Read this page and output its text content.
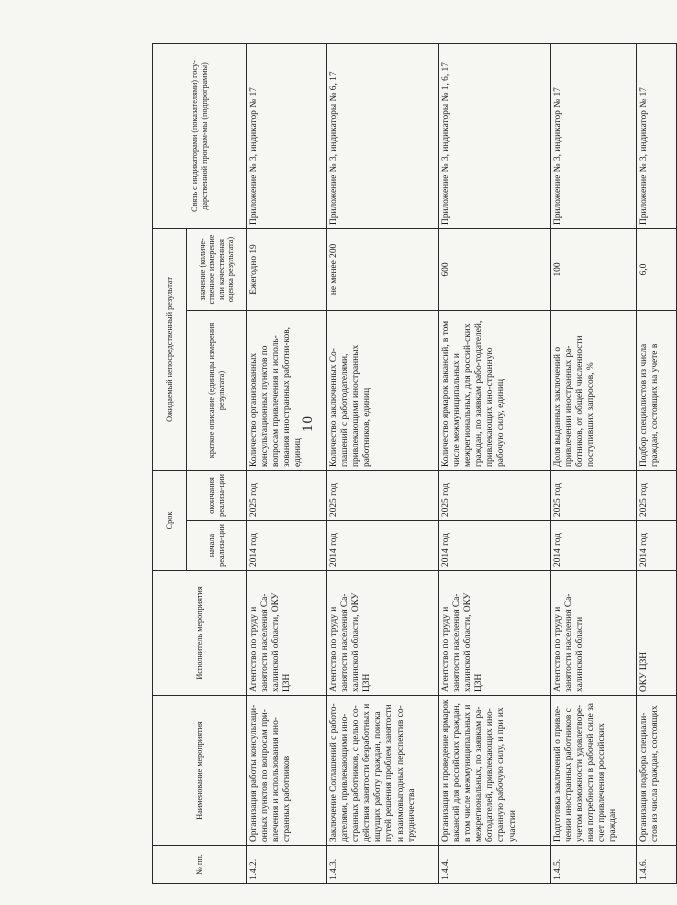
10
№ пп.	Наименование мероприятия	Исполнитель мероприятия	Срок		Ожидаемый непосредственный результат		Связь с индикаторами (показателями) госу-дарственной програм-мы (подпрограммы)
			начала реализа-ции	окончания реализа-ции	краткое описание (единицы измерения результата)	значение (количе-ственное измерение или качественная оценка результата)	
1.4.2.	Организация работы консультаци-онных пунктов по вопросам при-влечения и использования ино-странных работников	Агентство по труду и занятости населения Са-халинской области, ОКУ ЦЗН	2014 год	2025 год	Количество организованных консультационных пунктов по вопросам привлечения и исполь-зования иностранных работни-ков, единиц	Ежегодно 19	Приложение № 3, индикатор № 17
1.4.3.	Заключение Соглашений с работо-дателями, привлекающими ино-странных работников, с целью со-действия занятости безработных и ищущих работу граждан, поиска путей решения проблем занятости и взаимовыгодных перспектив со-трудничества	Агентство по труду и занятости населения Са-халинской области, ОКУ ЦЗН	2014 год	2025 год	Количество заключенных Со-глашений с работодателями, привлекающими иностранных работников, единиц	не менее 200	Приложение № 3, индикаторы № 6, 17
1.4.4.	Организация и проведение ярмарок вакансий для российских граждан, в том числе межмуниципальных и межрегиональных, по заявкам ра-ботодателей, привлекающих ино-странную рабочую силу, и при их участии	Агентство по труду и занятости населения Са-халинской области, ОКУ ЦЗН	2014 год	2025 год	Количество ярмарок вакансий, в том числе межмуниципальных и межрегиональных, для россий-ских граждан, по заявкам рабо-тодателей, привлекающих ино-странную рабочую силу, единиц	600	Приложение № 3, индикаторы № 1, 6, 17
1.4.5.	Подготовка заключений о привле-чении иностранных работников с учетом возможности удовлетворе-ния потребности в рабочей силе за счет привлечения российских граждан	Агентство по труду и занятости населения Са-халинской области	2014 год	2025 год	Доля выданных заключений о привлечении иностранных ра-ботников, от общей численности поступивших запросов, %	100	Приложение № 3, индикатор № 17
1.4.6.	Организация подбора специали-стов из числа граждан, состоящих	ОКУ ЦЗН	2014 год	2025 год	Подбор специалистов из числа граждан, состоящих на учете в	6,0	Приложение № 3, индикатор № 17
